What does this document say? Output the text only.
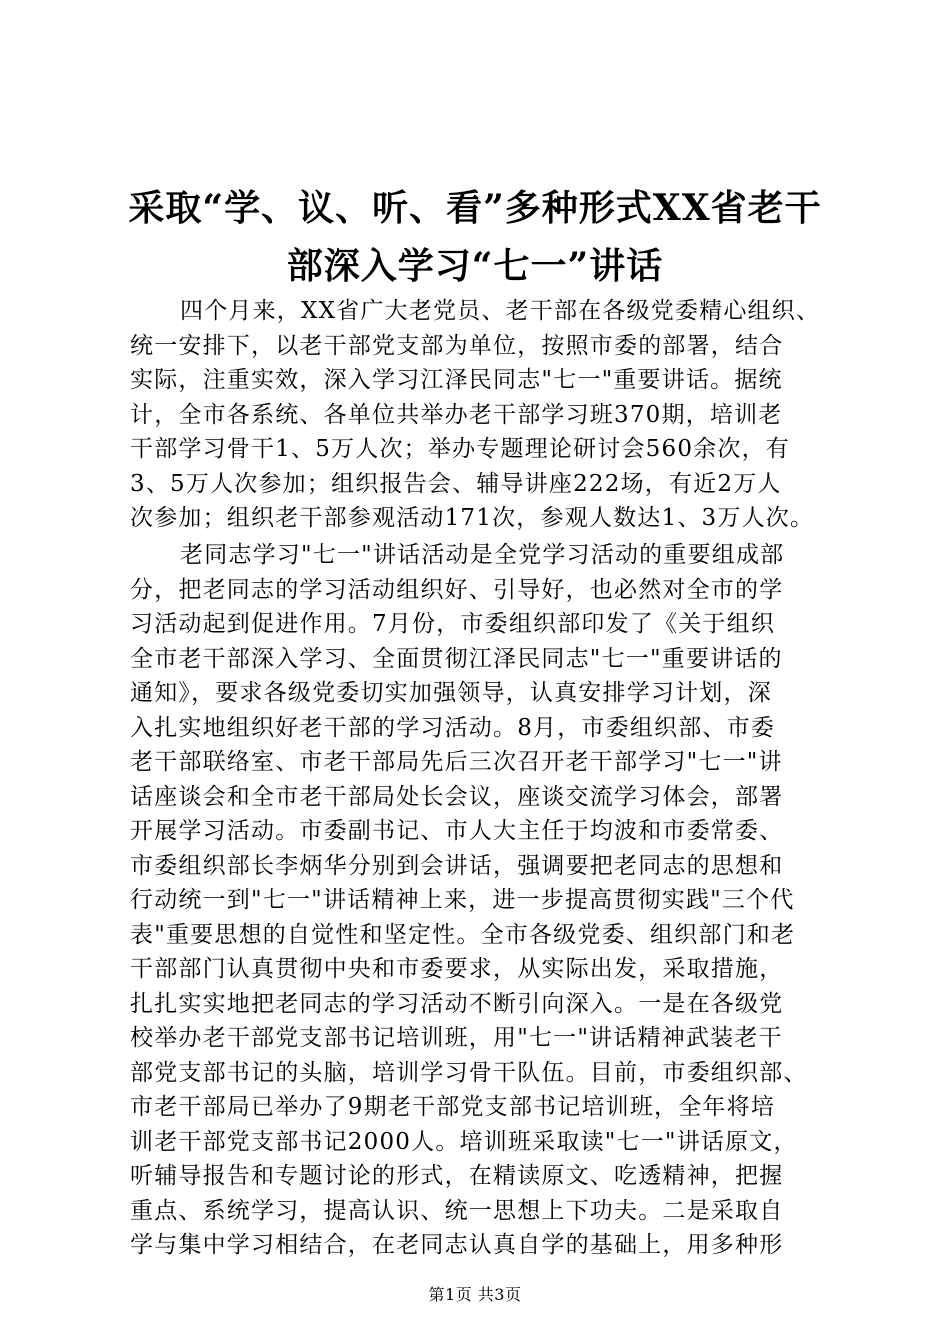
采取“学、议、听、看”多种形式XX省老干
部深入学习“七一”讲话
四个月来，XX省广大老党员、老干部在各级党委精心组织、
统一安排下，以老干部党支部为单位，按照市委的部署，结合
实际，注重实效，深入学习江泽民同志"七一"重要讲话。据统
计，全市各系统、各单位共举办老干部学习班370期，培训老
干部学习骨干1、5万人次；举办专题理论研讨会560余次，有
3、5万人次参加；组织报告会、辅导讲座222场，有近2万人
次参加；组织老干部参观活动171次，参观人数达1、3万人次。
老同志学习"七一"讲话活动是全党学习活动的重要组成部
分，把老同志的学习活动组织好、引导好，也必然对全市的学
习活动起到促进作用。7月份，市委组织部印发了《关于组织
全市老干部深入学习、全面贯彻江泽民同志"七一"重要讲话的
通知》，要求各级党委切实加强领导，认真安排学习计划，深
入扎实地组织好老干部的学习活动。8月，市委组织部、市委
老干部联络室、市老干部局先后三次召开老干部学习"七一"讲
话座谈会和全市老干部局处长会议，座谈交流学习体会，部署
开展学习活动。市委副书记、市人大主任于均波和市委常委、
市委组织部长李炳华分别到会讲话，强调要把老同志的思想和
行动统一到"七一"讲话精神上来，进一步提高贯彻实践"三个代
表"重要思想的自觉性和坚定性。全市各级党委、组织部门和老
干部部门认真贯彻中央和市委要求，从实际出发，采取措施，
扎扎实实地把老同志的学习活动不断引向深入。一是在各级党
校举办老干部党支部书记培训班，用"七一"讲话精神武装老干
部党支部书记的头脑，培训学习骨干队伍。目前，市委组织部、
市老干部局已举办了9期老干部党支部书记培训班，全年将培
训老干部党支部书记2000人。培训班采取读"七一"讲话原文，
听辅导报告和专题讨论的形式，在精读原文、吃透精神，把握
重点、系统学习，提高认识、统一思想上下功夫。二是采取自
学与集中学习相结合，在老同志认真自学的基础上，用多种形
第1页 共3页
